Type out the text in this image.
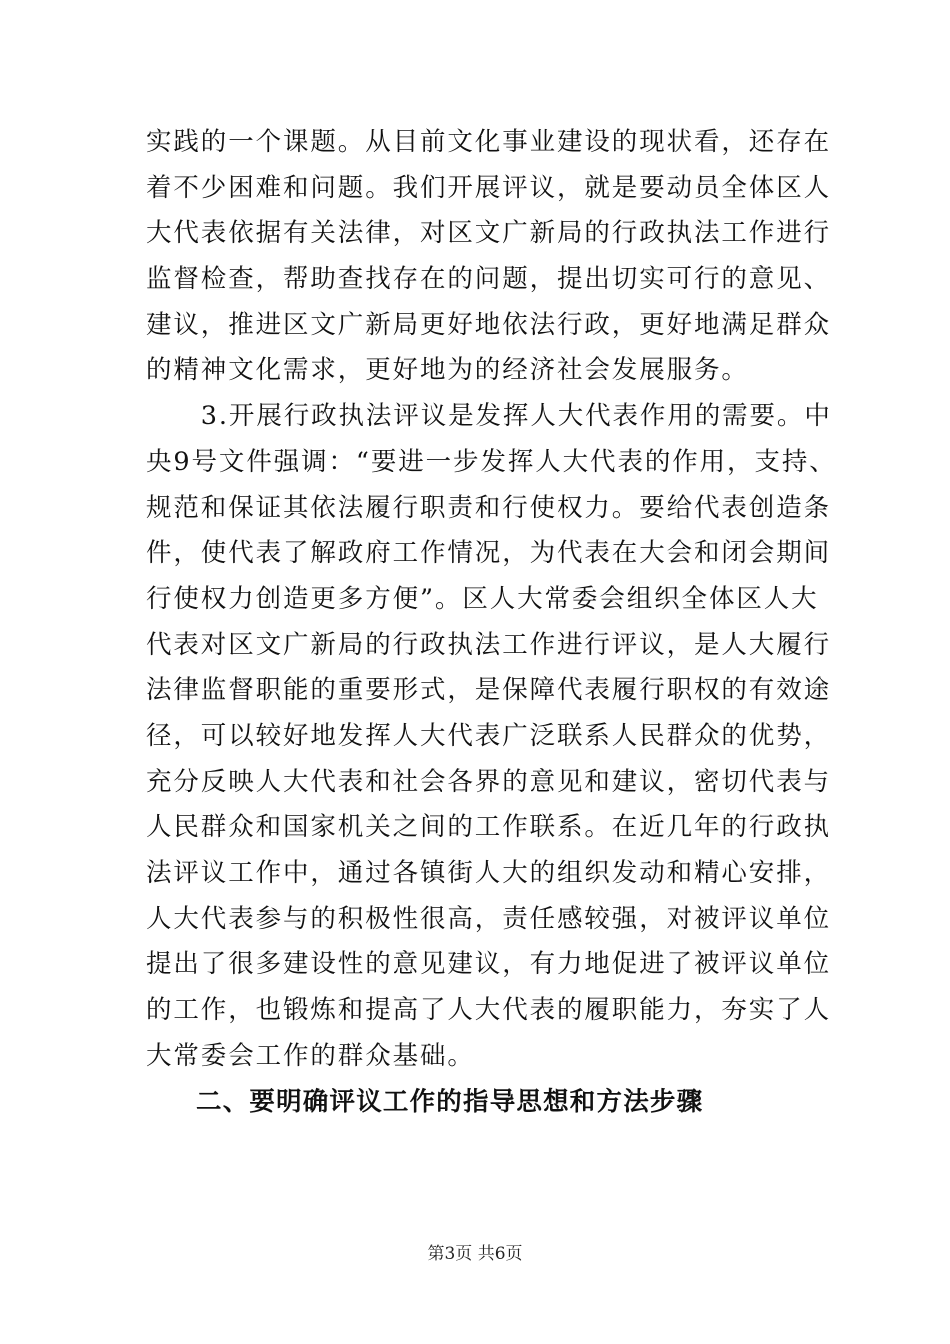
实践的一个课题。从目前文化事业建设的现状看，还存在
着不少困难和问题。我们开展评议，就是要动员全体区人
大代表依据有关法律，对区文广新局的行政执法工作进行
监督检查，帮助查找存在的问题，提出切实可行的意见、
建议，推进区文广新局更好地依法行政，更好地满足群众
的精神文化需求，更好地为的经济社会发展服务。
　　3.开展行政执法评议是发挥人大代表作用的需要。中
央9号文件强调：“要进一步发挥人大代表的作用，支持、
规范和保证其依法履行职责和行使权力。要给代表创造条
件，使代表了解政府工作情况，为代表在大会和闭会期间
行使权力创造更多方便”。区人大常委会组织全体区人大
代表对区文广新局的行政执法工作进行评议，是人大履行
法律监督职能的重要形式，是保障代表履行职权的有效途
径，可以较好地发挥人大代表广泛联系人民群众的优势，
充分反映人大代表和社会各界的意见和建议，密切代表与
人民群众和国家机关之间的工作联系。在近几年的行政执
法评议工作中，通过各镇街人大的组织发动和精心安排，
人大代表参与的积极性很高，责任感较强，对被评议单位
提出了很多建设性的意见建议，有力地促进了被评议单位
的工作，也锻炼和提高了人大代表的履职能力，夯实了人
大常委会工作的群众基础。
二、要明确评议工作的指导思想和方法步骤
第3页 共6页
